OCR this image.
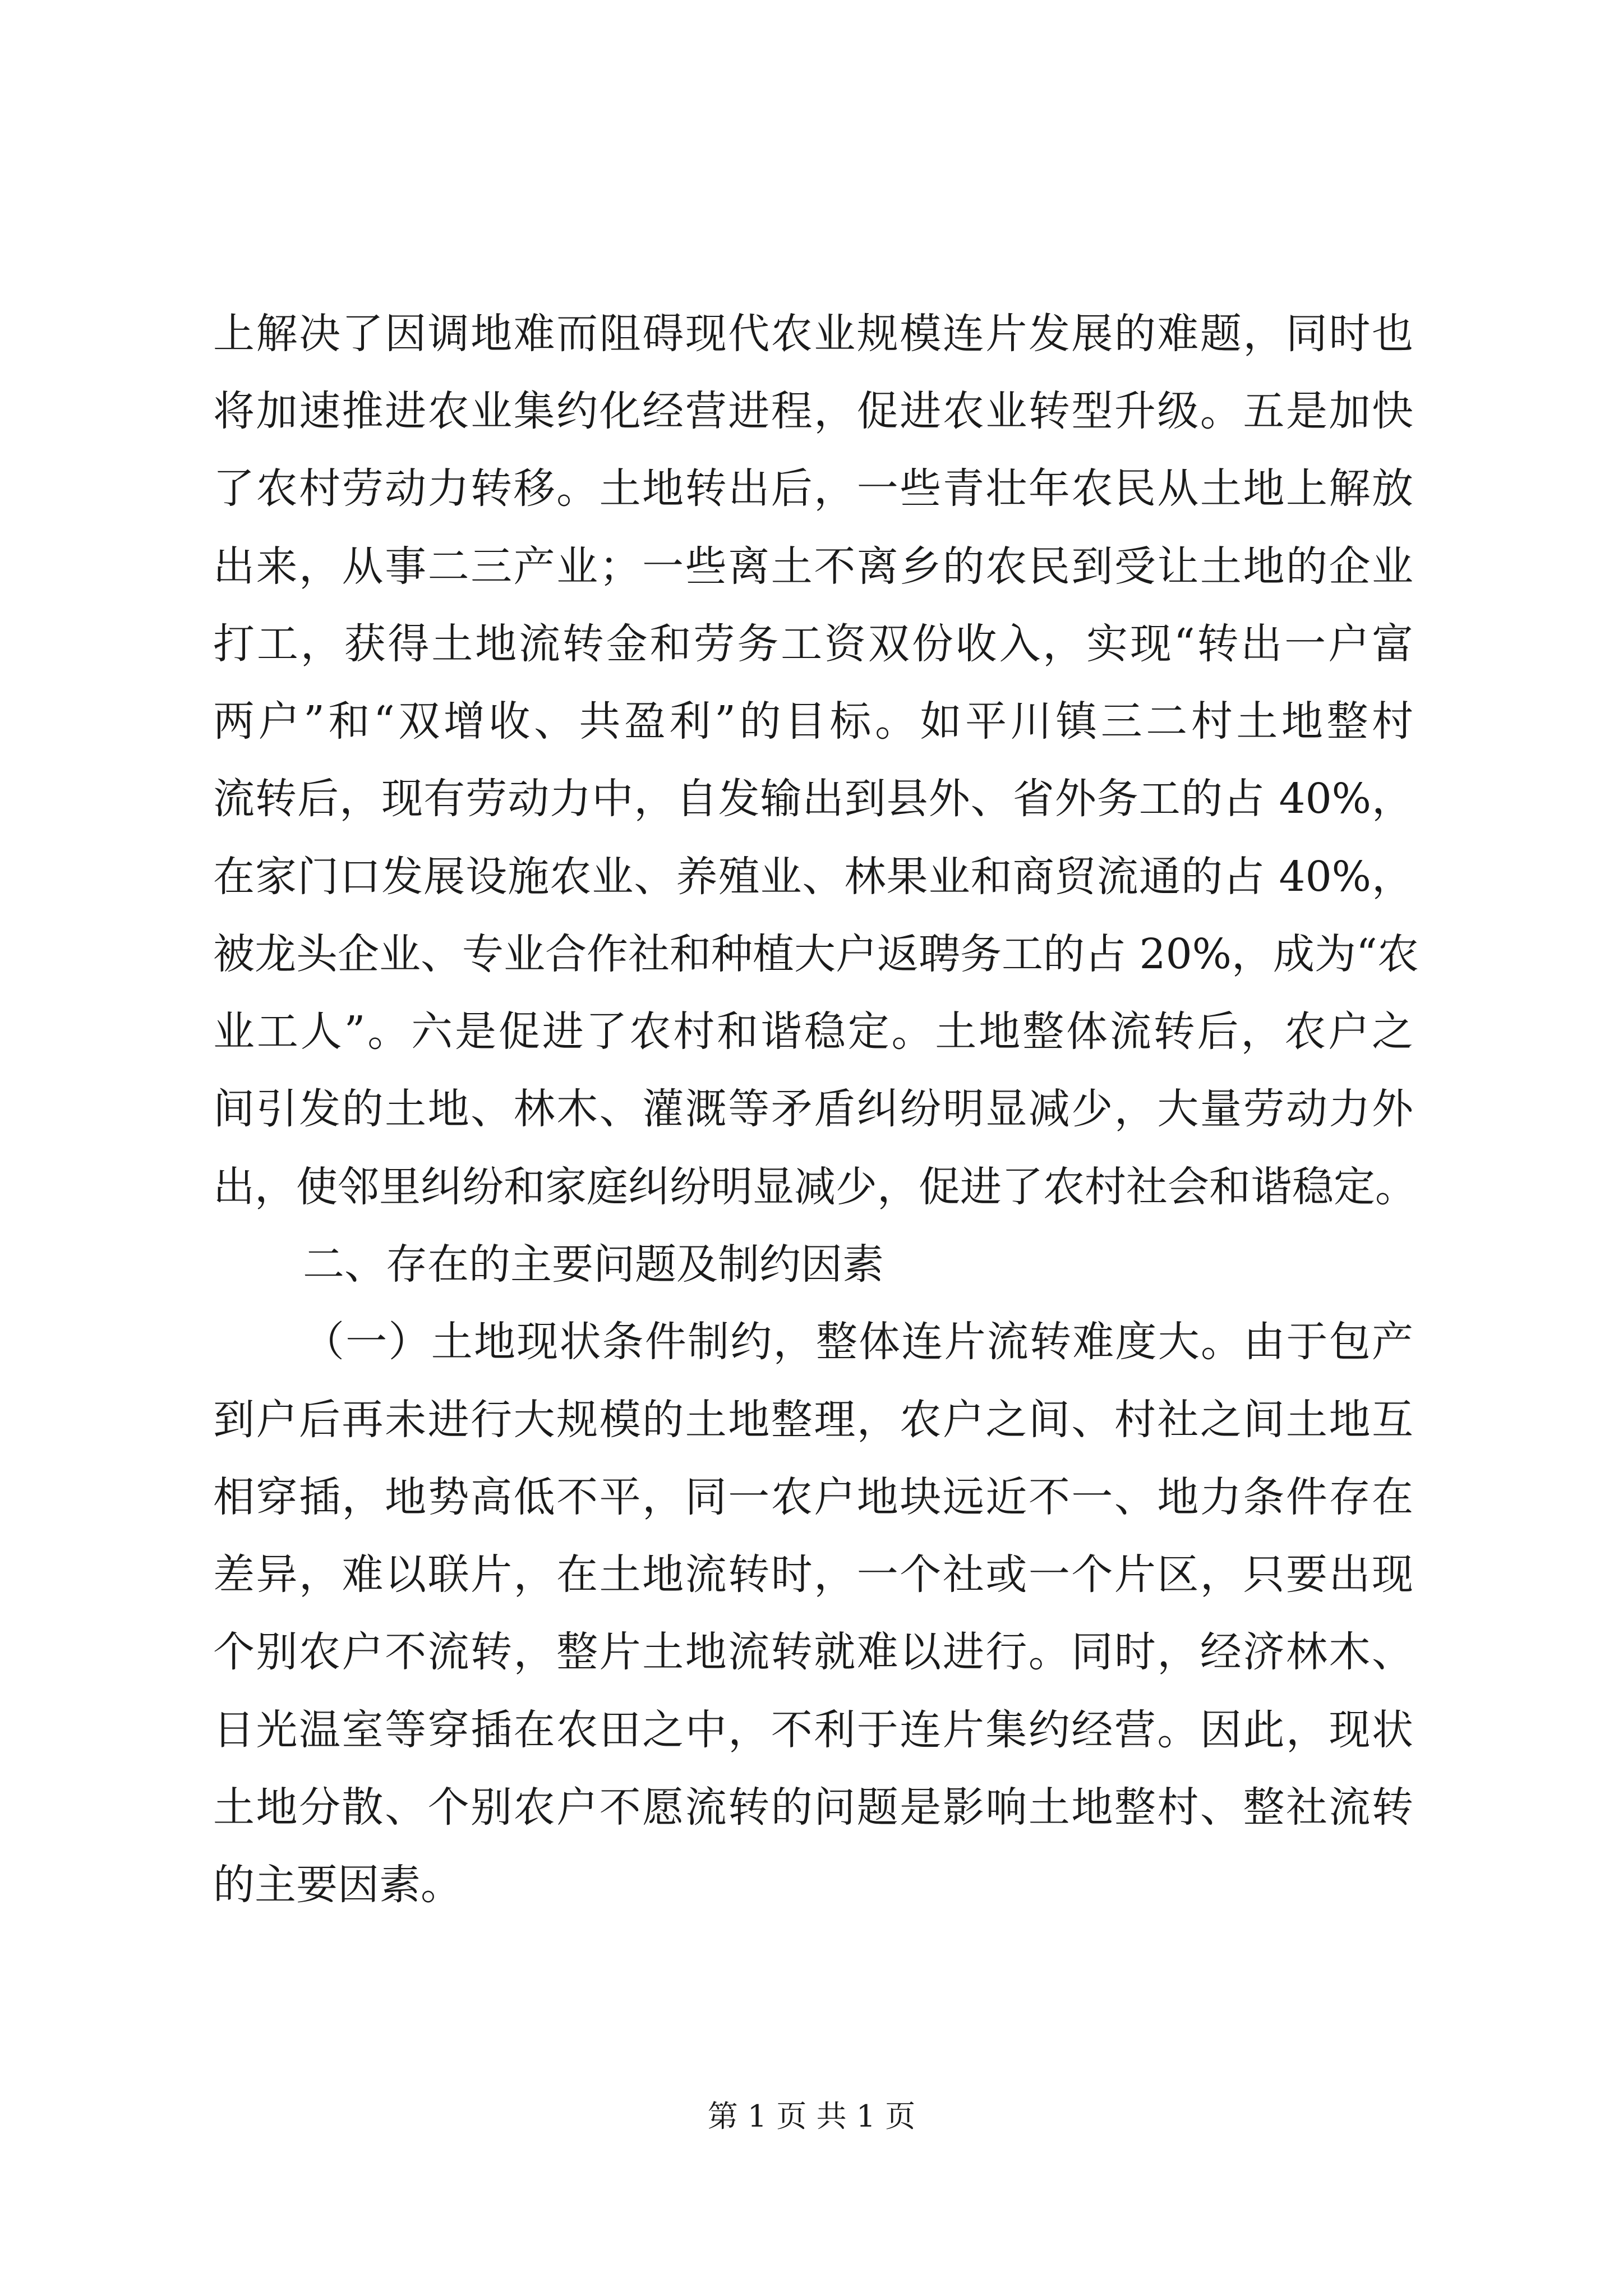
上解决了因调地难而阻碍现代农业规模连片发展的难题，同时也
将加速推进农业集约化经营进程，促进农业转型升级。五是加快
了农村劳动力转移。土地转出后，一些青壮年农民从土地上解放
出来，从事二三产业；一些离土不离乡的农民到受让土地的企业
打工，获得土地流转金和劳务工资双份收入，实现“转出一户富
两户”和“双增收、共盈利”的目标。如平川镇三二村土地整村
流转后，现有劳动力中，自发输出到县外、省外务工的占 40%，
在家门口发展设施农业、养殖业、林果业和商贸流通的占 40%，
被龙头企业、专业合作社和种植大户返聘务工的占 20%，成为“农
业工人”。六是促进了农村和谐稳定。土地整体流转后，农户之
间引发的土地、林木、灌溉等矛盾纠纷明显减少，大量劳动力外
出，使邻里纠纷和家庭纠纷明显减少，促进了农村社会和谐稳定。
二、存在的主要问题及制约因素
（一）土地现状条件制约，整体连片流转难度大。由于包产
到户后再未进行大规模的土地整理，农户之间、村社之间土地互
相穿插，地势高低不平，同一农户地块远近不一、地力条件存在
差异，难以联片，在土地流转时，一个社或一个片区，只要出现
个别农户不流转，整片土地流转就难以进行。同时，经济林木、
日光温室等穿插在农田之中，不利于连片集约经营。因此，现状
土地分散、个别农户不愿流转的问题是影响土地整村、整社流转
的主要因素。
第 1 页 共 1 页
